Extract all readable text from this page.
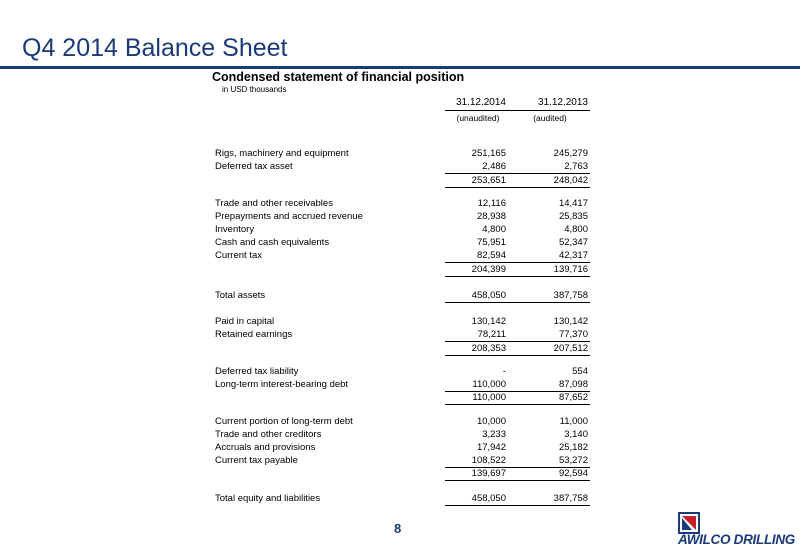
Q4 2014 Balance Sheet
Condensed statement of financial position
in USD thousands
31.12.2014	31.12.2013
(unaudited)	(audited)
Rigs, machinery and equipment	251,165	245,279
Deferred tax asset	2,486	2,763
253,651	248,042
Trade and other receivables	12,116	14,417
Prepayments and accrued revenue	28,938	25,835
Inventory	4,800	4,800
Cash and cash equivalents	75,951	52,347
Current tax	82,594	42,317
204,399	139,716
Total assets	458,050	387,758
Paid in capital	130,142	130,142
Retained earnings	78,211	77,370
208,353	207,512
Deferred tax liability	-	554
Long-term interest-bearing debt	110,000	87,098
110,000	87,652
Current portion of long-term debt	10,000	11,000
Trade and other creditors	3,233	3,140
Accruals and provisions	17,942	25,182
Current tax payable	108,522	53,272
139,697	92,594
Total equity and liabilities	458,050	387,758
8
AWILCO DRILLING
